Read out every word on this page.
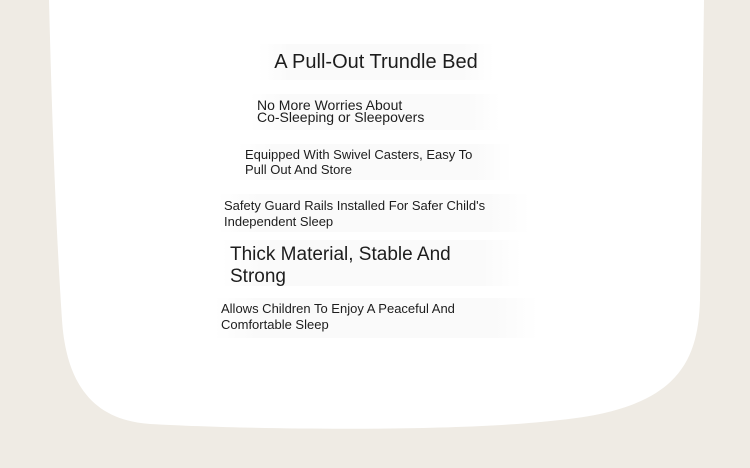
A Pull-Out Trundle Bed
No More Worries About
Co-Sleeping or Sleepovers
Equipped With Swivel Casters, Easy To
Pull Out And Store
Safety Guard Rails Installed For Safer Child's
Independent Sleep
Thick Material, Stable And
Strong
Allows Children To Enjoy A Peaceful And
Comfortable Sleep
